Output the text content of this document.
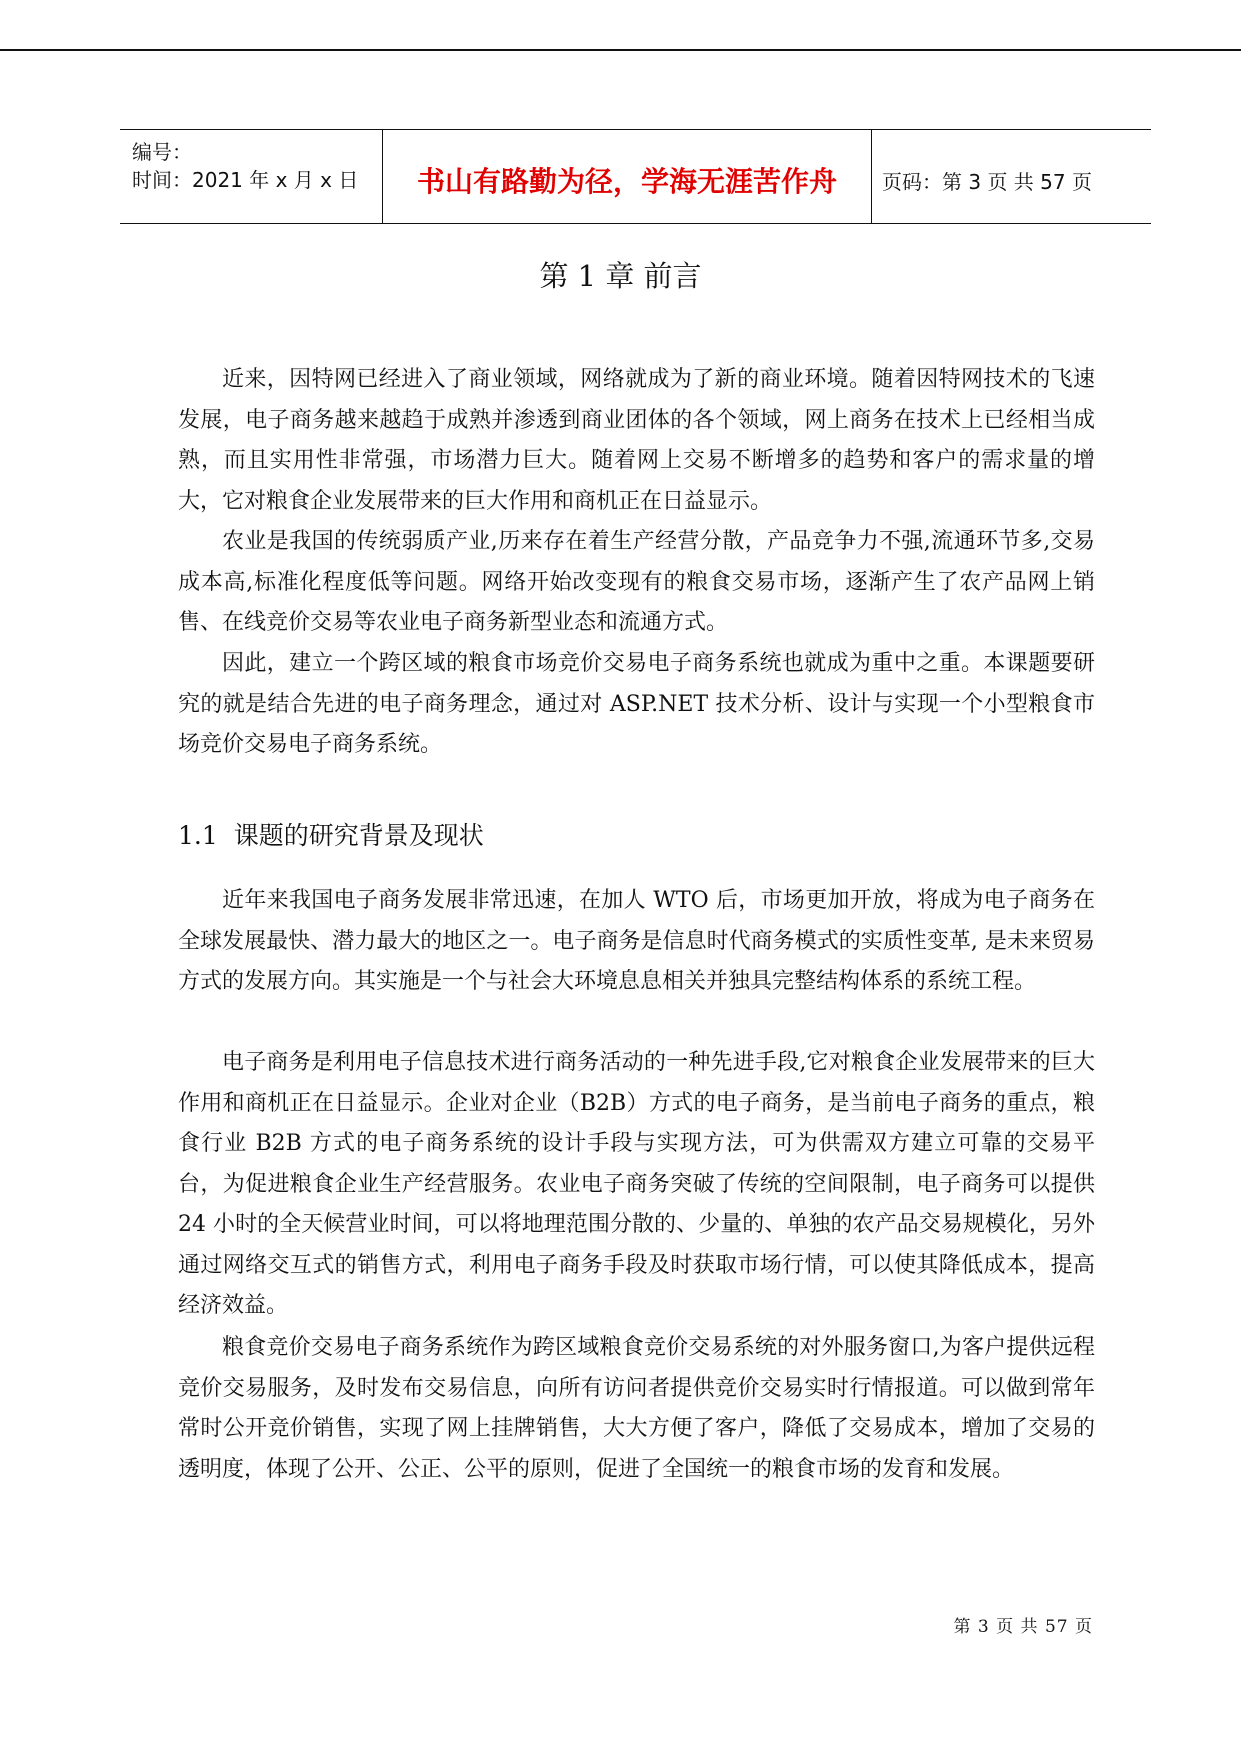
编号：
时间：2021 年 x 月 x 日	书山有路勤为径，学海无涯苦作舟	页码：第 3 页 共 57 页
第 1 章 前言

近来，因特网已经进入了商业领域，网络就成为了新的商业环境。随着因特网技术的飞速发展，电子商务越来越趋于成熟并渗透到商业团体的各个领域，网上商务在技术上已经相当成熟，而且实用性非常强，市场潜力巨大。随着网上交易不断增多的趋势和客户的需求量的增大，它对粮食企业发展带来的巨大作用和商机正在日益显示。

农业是我国的传统弱质产业,历来存在着生产经营分散，产品竞争力不强,流通环节多,交易成本高,标准化程度低等问题。网络开始改变现有的粮食交易市场，逐渐产生了农产品网上销售、在线竞价交易等农业电子商务新型业态和流通方式。

因此，建立一个跨区域的粮食市场竞价交易电子商务系统也就成为重中之重。本课题要研究的就是结合先进的电子商务理念，通过对 ASP.NET 技术分析、设计与实现一个小型粮食市场竞价交易电子商务系统。

1.1 课题的研究背景及现状

近年来我国电子商务发展非常迅速，在加人 WTO 后，市场更加开放，将成为电子商务在全球发展最快、潜力最大的地区之一。电子商务是信息时代商务模式的实质性变革, 是未来贸易方式的发展方向。其实施是一个与社会大环境息息相关并独具完整结构体系的系统工程。

电子商务是利用电子信息技术进行商务活动的一种先进手段,它对粮食企业发展带来的巨大作用和商机正在日益显示。企业对企业（B2B）方式的电子商务，是当前电子商务的重点，粮食行业 B2B 方式的电子商务系统的设计手段与实现方法，可为供需双方建立可靠的交易平台，为促进粮食企业生产经营服务。农业电子商务突破了传统的空间限制，电子商务可以提供 24 小时的全天候营业时间，可以将地理范围分散的、少量的、单独的农产品交易规模化，另外通过网络交互式的销售方式，利用电子商务手段及时获取市场行情，可以使其降低成本，提高经济效益。

粮食竞价交易电子商务系统作为跨区域粮食竞价交易系统的对外服务窗口,为客户提供远程竞价交易服务，及时发布交易信息，向所有访问者提供竞价交易实时行情报道。可以做到常年常时公开竞价销售，实现了网上挂牌销售，大大方便了客户，降低了交易成本，增加了交易的透明度，体现了公开、公正、公平的原则，促进了全国统一的粮食市场的发育和发展。

第 3 页 共 57 页
